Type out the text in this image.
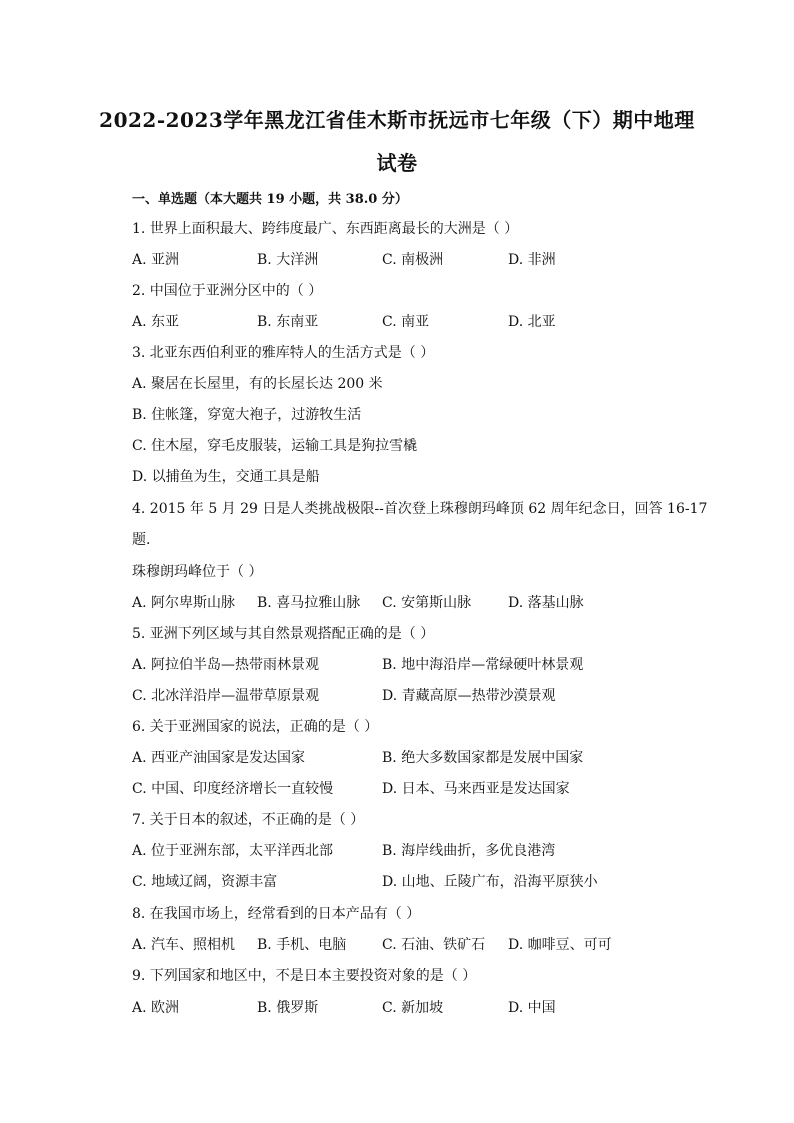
2022-2023学年黑龙江省佳木斯市抚远市七年级（下）期中地理
试卷
一、单选题（本大题共 19 小题，共 38.0 分）
1. 世界上面积最大、跨纬度最广、东西距离最长的大洲是（ ）
A. 亚洲	B. 大洋洲	C. 南极洲	D. 非洲
2. 中国位于亚洲分区中的（ ）
A. 东亚	B. 东南亚	C. 南亚	D. 北亚
3. 北亚东西伯利亚的雅库特人的生活方式是（ ）
A. 聚居在长屋里，有的长屋长达 200 米
B. 住帐篷，穿宽大袍子，过游牧生活
C. 住木屋，穿毛皮服装，运输工具是狗拉雪橇
D. 以捕鱼为生，交通工具是船
4. 2015 年 5 月 29 日是人类挑战极限--首次登上珠穆朗玛峰顶 62 周年纪念日，回答 16-17
题.
珠穆朗玛峰位于（ ）
A. 阿尔卑斯山脉 B. 喜马拉雅山脉 C. 安第斯山脉	D. 落基山脉
5. 亚洲下列区域与其自然景观搭配正确的是（ ）
A. 阿拉伯半岛—热带雨林景观	B. 地中海沿岸—常绿硬叶林景观
C. 北冰洋沿岸—温带草原景观	D. 青藏高原—热带沙漠景观
6. 关于亚洲国家的说法，正确的是（ ）
A. 西亚产油国家是发达国家	B. 绝大多数国家都是发展中国家
C. 中国、印度经济增长一直较慢	D. 日本、马来西亚是发达国家
7. 关于日本的叙述，不正确的是（ ）
A. 位于亚洲东部，太平洋西北部	B. 海岸线曲折，多优良港湾
C. 地域辽阔，资源丰富	D. 山地、丘陵广布，沿海平原狭小
8. 在我国市场上，经常看到的日本产品有（ ）
A. 汽车、照相机 B. 手机、电脑	C. 石油、铁矿石 D. 咖啡豆、可可
9. 下列国家和地区中，不是日本主要投资对象的是（ ）
A. 欧洲	B. 俄罗斯	C. 新加坡	D. 中国
